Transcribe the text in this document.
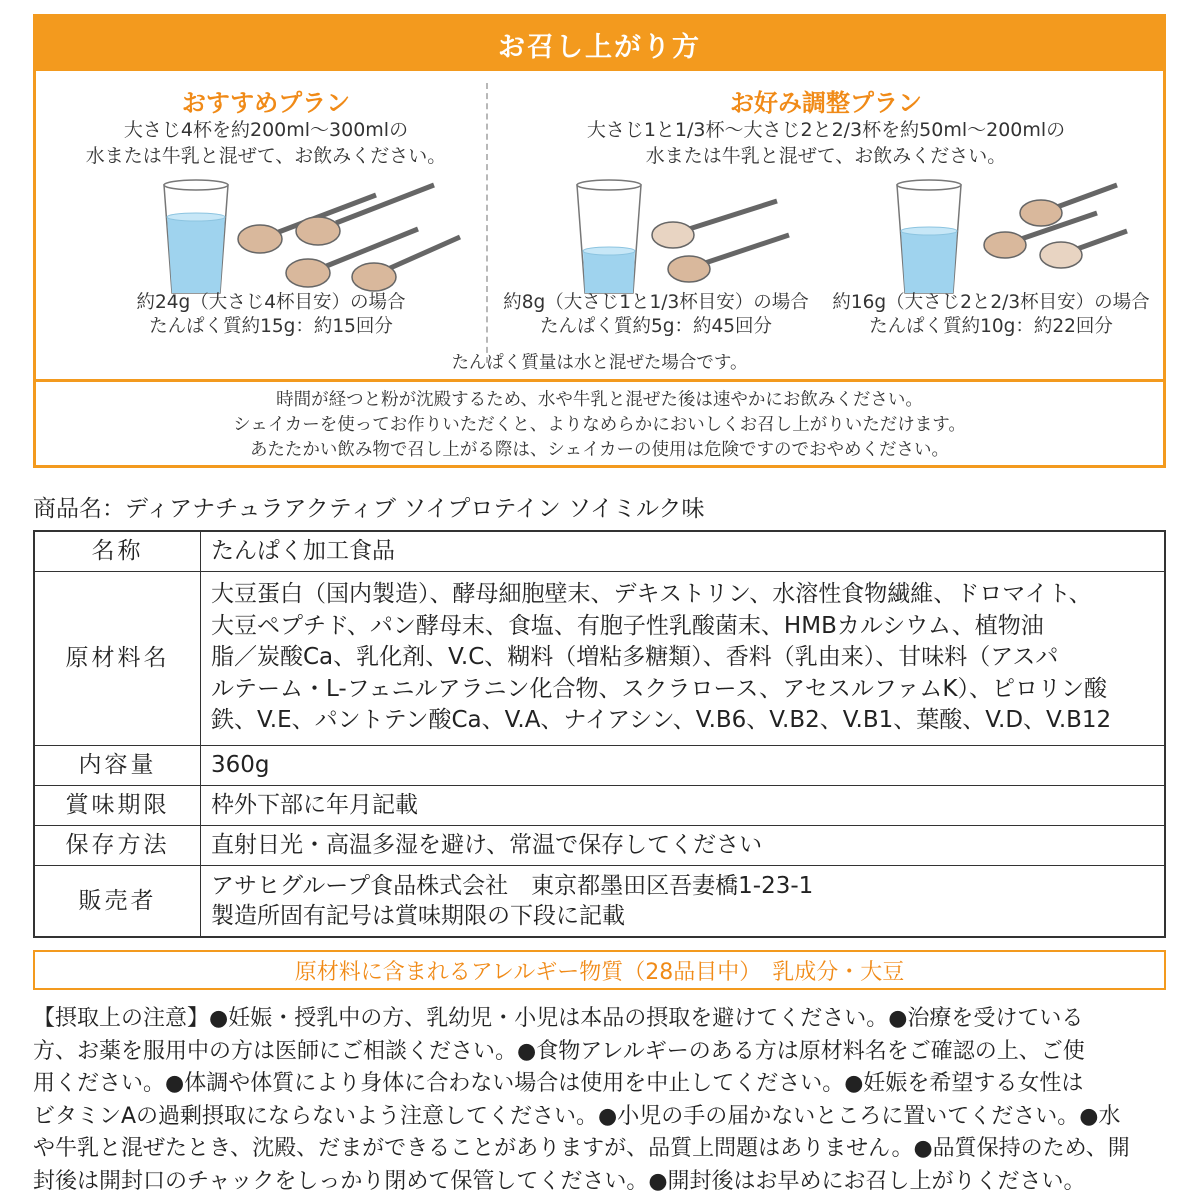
お召し上がり方
おすすめプラン
大さじ4杯を約200ml～300mlの
水または牛乳と混ぜて、お飲みください。
約24g（大さじ4杯目安）の場合
たんぱく質約15g：約15回分
お好み調整プラン
大さじ1と1/3杯～大さじ2と2/3杯を約50ml～200mlの
水または牛乳と混ぜて、お飲みください。
約8g（大さじ1と1/3杯目安）の場合
たんぱく質約5g：約45回分
約16g（大さじ2と2/3杯目安）の場合
たんぱく質約10g：約22回分
たんぱく質量は水と混ぜた場合です。
時間が経つと粉が沈殿するため、水や牛乳と混ぜた後は速やかにお飲みください。
シェイカーを使ってお作りいただくと、よりなめらかにおいしくお召し上がりいただけます。
あたたかい飲み物で召し上がる際は、シェイカーの使用は危険ですのでおやめください。
商品名：ディアナチュラアクティブ ソイプロテイン ソイミルク味
名称	たんぱく加工食品
原材料名	大豆蛋白（国内製造）、酵母細胞壁末、デキストリン、水溶性食物繊維、ドロマイト、
大豆ペプチド、パン酵母末、食塩、有胞子性乳酸菌末、HMBカルシウム、植物油
脂／炭酸Ca、乳化剤、V.C、糊料（増粘多糖類）、香料（乳由来）、甘味料（アスパ
ルテーム・L-フェニルアラニン化合物、スクラロース、アセスルファムK）、ピロリン酸
鉄、V.E、パントテン酸Ca、V.A、ナイアシン、V.B6、V.B2、V.B1、葉酸、V.D、V.B12

内容量	360g
賞味期限	枠外下部に年月記載
保存方法	直射日光・高温多湿を避け、常温で保存してください
販売者	アサヒグループ食品株式会社　東京都墨田区吾妻橋1-23-1
製造所固有記号は賞味期限の下段に記載
原材料に含まれるアレルギー物質（28品目中）　乳成分・大豆
【摂取上の注意】●妊娠・授乳中の方、乳幼児・小児は本品の摂取を避けてください。●治療を受けている
方、お薬を服用中の方は医師にご相談ください。●食物アレルギーのある方は原材料名をご確認の上、ご使
用ください。●体調や体質により身体に合わない場合は使用を中止してください。●妊娠を希望する女性は
ビタミンAの過剰摂取にならないよう注意してください。●小児の手の届かないところに置いてください。●水
や牛乳と混ぜたとき、沈殿、だまができることがありますが、品質上問題はありません。●品質保持のため、開
封後は開封口のチャックをしっかり閉めて保管してください。●開封後はお早めにお召し上がりください。
